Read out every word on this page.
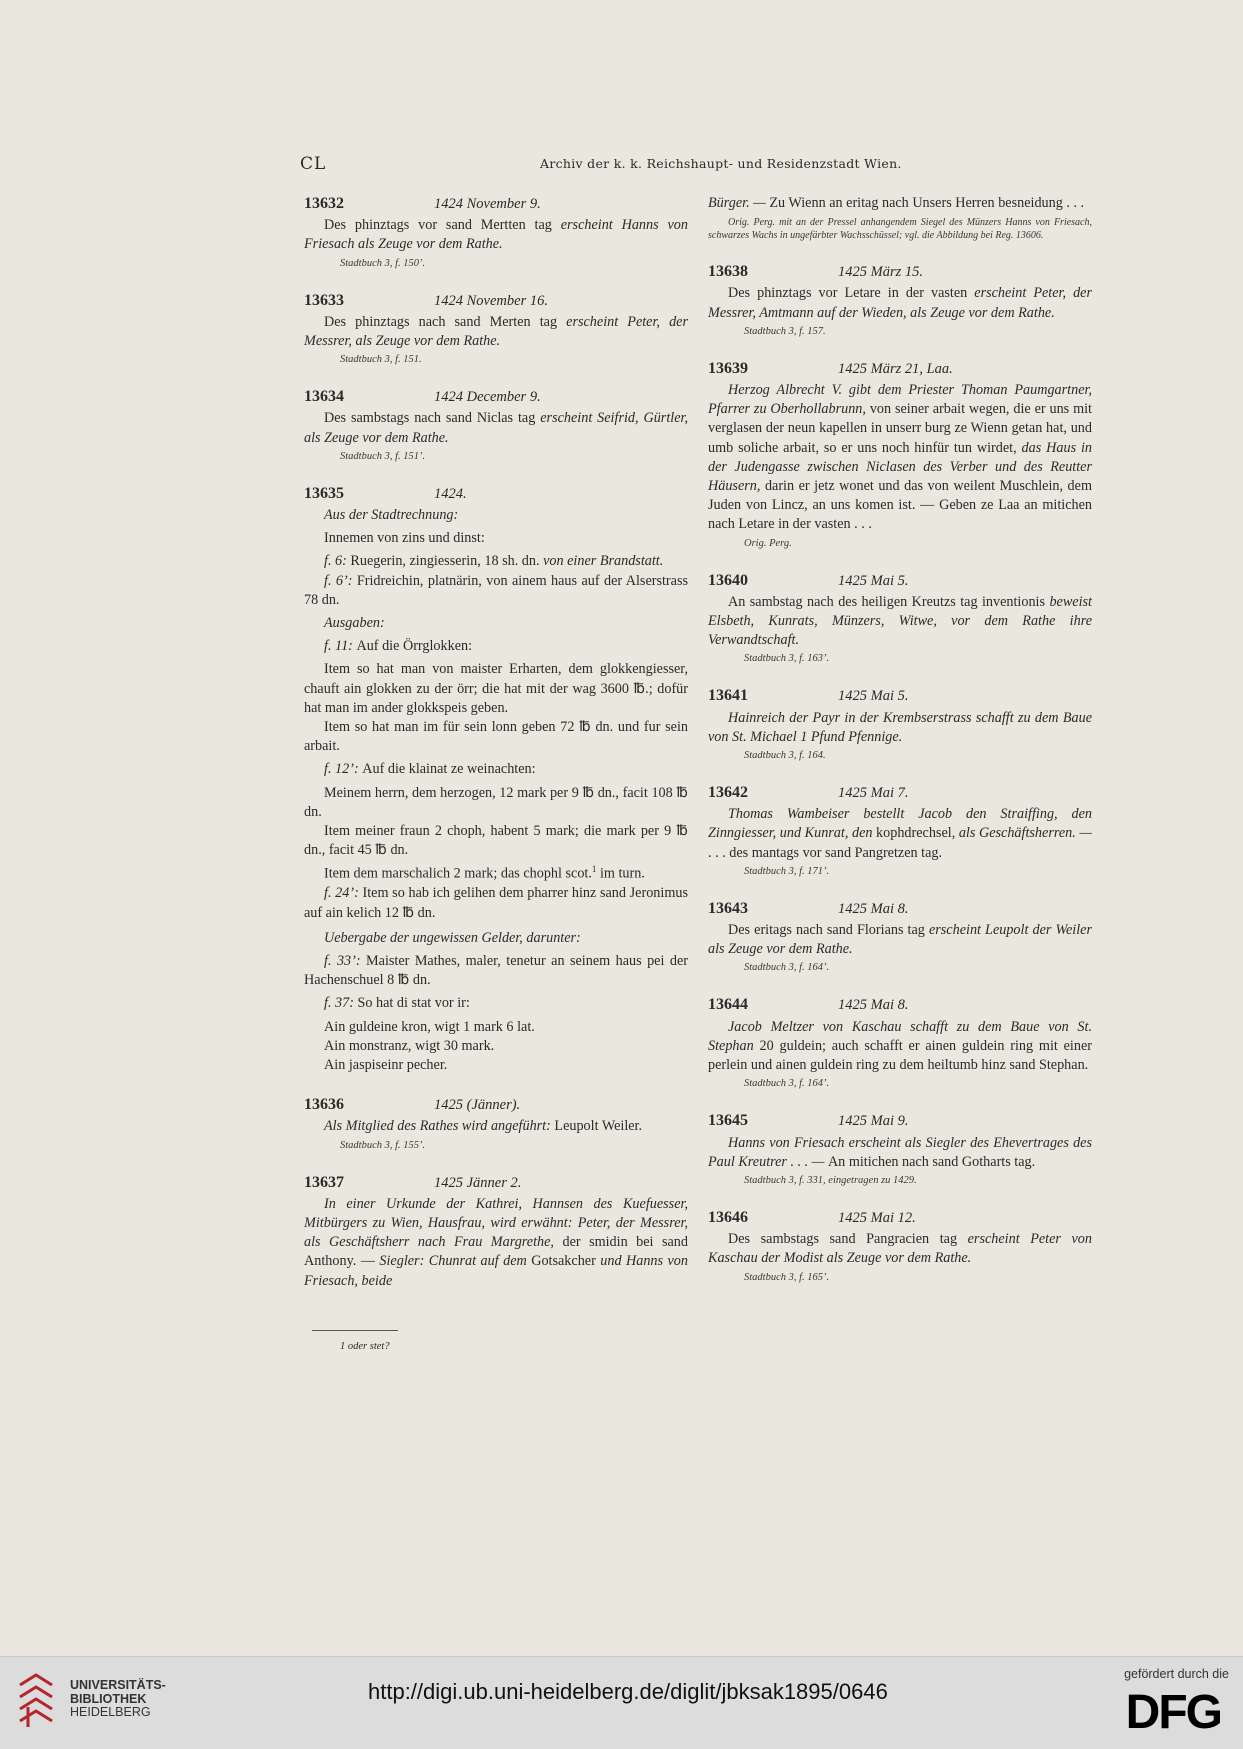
CL	Archiv der k. k. Reichshaupt- und Residenzstadt Wien.
13632	1424 November 9.

Des phinztags vor sand Mertten tag erscheint Hanns von Friesach als Zeuge vor dem Rathe.

Stadtbuch 3, f. 150’.
13633	1424 November 16.

Des phinztags nach sand Merten tag erscheint Peter, der Messrer, als Zeuge vor dem Rathe.

Stadtbuch 3, f. 151.
13634	1424 December 9.

Des sambstags nach sand Niclas tag erscheint Seifrid, Gürtler, als Zeuge vor dem Rathe.

Stadtbuch 3, f. 151’.
13635	1424.

Aus der Stadtrechnung:

Innemen von zins und dinst:

f. 6: Ruegerin, zingiesserin, 18 sh. dn. von einer Brandstatt.

f. 6’: Fridreichin, platnärin, von ainem haus auf der Alserstrass 78 dn.

Ausgaben:

f. 11: Auf die Örrglokken:

Item so hat man von maister Erharten, dem glokkengiesser, chauft ain glokken zu der örr; die hat mit der wag 3600 ℔.; dofür hat man im ander glokkspeis geben.

Item so hat man im für sein lonn geben 72 ℔ dn. und fur sein arbait.

f. 12’: Auf die klainat ze weinachten:

Meinem herrn, dem herzogen, 12 mark per 9 ℔ dn., facit 108 ℔ dn.

Item meiner fraun 2 choph, habent 5 mark; die mark per 9 ℔ dn., facit 45 ℔ dn.

Item dem marschalich 2 mark; das chophl scot.$^1$ im turn.

f. 24’: Item so hab ich gelihen dem pharrer hinz sand Jeronimus auf ain kelich 12 ℔ dn.

Uebergabe der ungewissen Gelder, darunter:

f. 33’: Maister Mathes, maler, tenetur an seinem haus pei der Hachenschuel 8 ℔ dn.

f. 37: So hat di stat vor ir:

Ain guldeine kron, wigt 1 mark 6 lat.

Ain monstranz, wigt 30 mark.

Ain jaspiseinr pecher.

13636	1425 (Jänner).

Als Mitglied des Rathes wird angeführt: Leupolt Weiler.

Stadtbuch 3, f. 155’.
13637	1425 Jänner 2.

In einer Urkunde der Kathrei, Hannsen des Kuefuesser, Mitbürgers zu Wien, Hausfrau, wird erwähnt: Peter, der Messrer, als Geschäftsherr nach Frau Margrethe, der smidin bei sand Anthony. — Siegler: Chunrat auf dem Gotsakcher und Hanns von Friesach, beide

1 oder stet?

Bürger. — Zu Wienn an eritag nach Unsers Herren besneidung . . .

Orig. Perg. mit an der Pressel anhangendem Siegel des Münzers Hanns von Friesach, schwarzes Wachs in ungefärbter Wachsschüssel; vgl. die Abbildung bei Reg. 13606.

13638	1425 März 15.

Des phinztags vor Letare in der vasten erscheint Peter, der Messrer, Amtmann auf der Wieden, als Zeuge vor dem Rathe.

Stadtbuch 3, f. 157.
13639	1425 März 21, Laa.

Herzog Albrecht V. gibt dem Priester Thoman Paumgartner, Pfarrer zu Oberhollabrunn, von seiner arbait wegen, die er uns mit verglasen der neun kapellen in unserr burg ze Wienn getan hat, und umb soliche arbait, so er uns noch hinfür tun wirdet, das Haus in der Judengasse zwischen Niclasen des Verber und des Reutter Häusern, darin er jetz wonet und das von weilent Muschlein, dem Juden von Lincz, an uns komen ist. — Geben ze Laa an mitichen nach Letare in der vasten . . .

Orig. Perg.
13640	1425 Mai 5.

An sambstag nach des heiligen Kreutzs tag inventionis beweist Elsbeth, Kunrats, Münzers, Witwe, vor dem Rathe ihre Verwandtschaft.

Stadtbuch 3, f. 163’.
13641	1425 Mai 5.

Hainreich der Payr in der Krembserstrass schafft zu dem Baue von St. Michael 1 Pfund Pfennige.

Stadtbuch 3, f. 164.
13642	1425 Mai 7.

Thomas Wambeiser bestellt Jacob den Straiffing, den Zinngiesser, und Kunrat, den kophdrechsel, als Geschäftsherren. — . . . des mantags vor sand Pangretzen tag.

Stadtbuch 3, f. 171’.
13643	1425 Mai 8.

Des eritags nach sand Florians tag erscheint Leupolt der Weiler als Zeuge vor dem Rathe.

Stadtbuch 3, f. 164’.
13644	1425 Mai 8.

Jacob Meltzer von Kaschau schafft zu dem Baue von St. Stephan 20 guldein; auch schafft er ainen guldein ring mit einer perlein und ainen guldein ring zu dem heiltumb hinz sand Stephan.

Stadtbuch 3, f. 164’.
13645	1425 Mai 9.

Hanns von Friesach erscheint als Siegler des Ehevertrages des Paul Kreutrer . . . — An mitichen nach sand Gotharts tag.

Stadtbuch 3, f. 331, eingetragen zu 1429.
13646	1425 Mai 12.

Des sambstags sand Pangracien tag erscheint Peter von Kaschau der Modist als Zeuge vor dem Rathe.

Stadtbuch 3, f. 165’.
UNIVERSITÄTS-
BIBLIOTHEK
HEIDELBERG
http://digi.ub.uni-heidelberg.de/diglit/jbksak1895/0646
gefördert durch die
DFG
